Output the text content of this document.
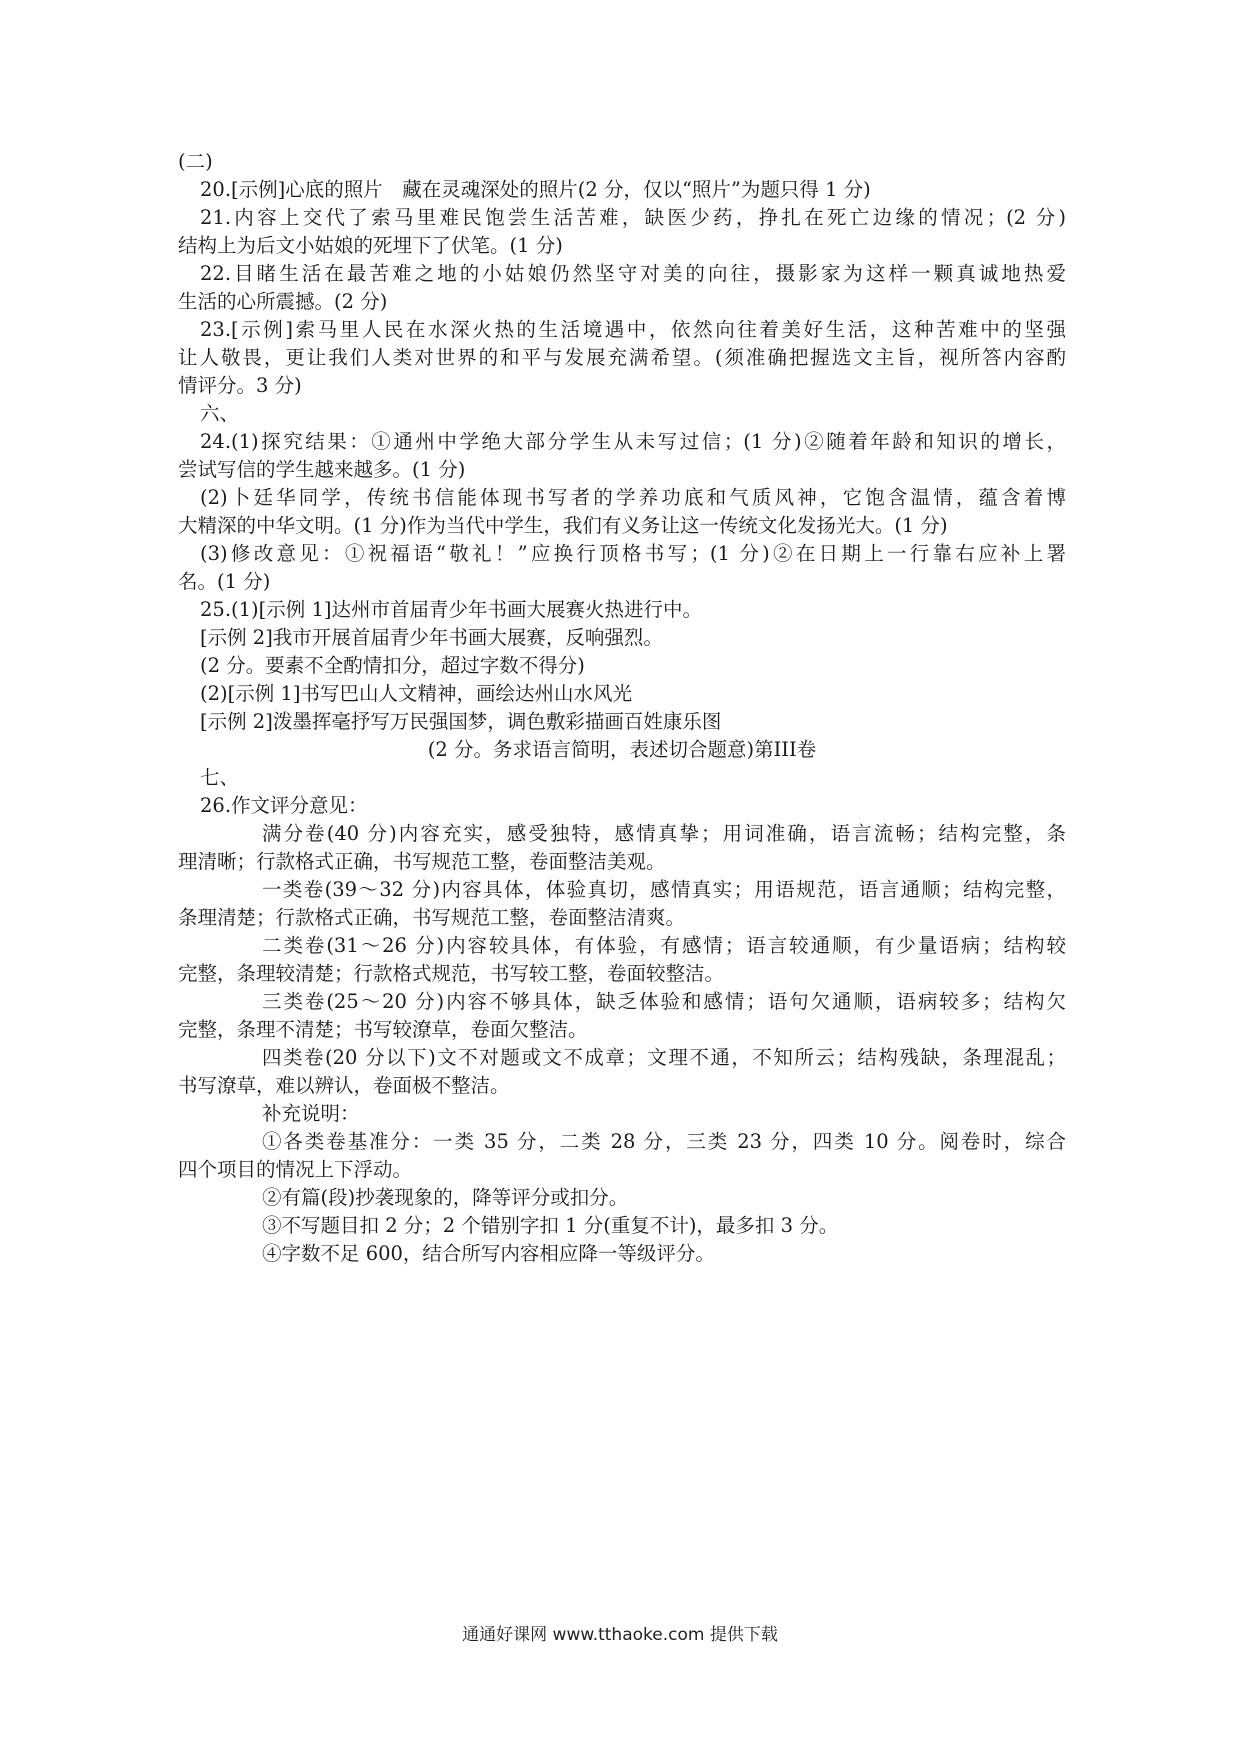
(二)
20.[示例]心底的照片　藏在灵魂深处的照片(2 分，仅以“照片”为题只得 1 分)
21.内容上交代了索马里难民饱尝生活苦难，缺医少药，挣扎在死亡边缘的情况；(2 分)
结构上为后文小姑娘的死埋下了伏笔。(1 分)
22.目睹生活在最苦难之地的小姑娘仍然坚守对美的向往，摄影家为这样一颗真诚地热爱
生活的心所震撼。(2 分)
23.[示例]索马里人民在水深火热的生活境遇中，依然向往着美好生活，这种苦难中的坚强
让人敬畏，更让我们人类对世界的和平与发展充满希望。(须准确把握选文主旨，视所答内容酌
情评分。3 分)
六、
24.(1)探究结果：①通州中学绝大部分学生从未写过信；(1 分)②随着年龄和知识的增长，
尝试写信的学生越来越多。(1 分)
(2)卜廷华同学，传统书信能体现书写者的学养功底和气质风神，它饱含温情，蕴含着博
大精深的中华文明。(1 分)作为当代中学生，我们有义务让这一传统文化发扬光大。(1 分)
(3)修改意见：①祝福语“敬礼！”应换行顶格书写；(1 分)②在日期上一行靠右应补上署
名。(1 分)
25.(1)[示例 1]达州市首届青少年书画大展赛火热进行中。
[示例 2]我市开展首届青少年书画大展赛，反响强烈。
(2 分。要素不全酌情扣分，超过字数不得分)
(2)[示例 1]书写巴山人文精神，画绘达州山水风光
[示例 2]泼墨挥毫抒写万民强国梦，调色敷彩描画百姓康乐图
(2 分。务求语言简明，表述切合题意)第III卷
七、
26.作文评分意见：
满分卷(40 分)内容充实，感受独特，感情真挚；用词准确，语言流畅；结构完整，条
理清晰；行款格式正确，书写规范工整，卷面整洁美观。
一类卷(39～32 分)内容具体，体验真切，感情真实；用语规范，语言通顺；结构完整，
条理清楚；行款格式正确，书写规范工整，卷面整洁清爽。
二类卷(31～26 分)内容较具体，有体验，有感情；语言较通顺，有少量语病；结构较
完整，条理较清楚；行款格式规范，书写较工整，卷面较整洁。
三类卷(25～20 分)内容不够具体，缺乏体验和感情；语句欠通顺，语病较多；结构欠
完整，条理不清楚；书写较潦草，卷面欠整洁。
四类卷(20 分以下)文不对题或文不成章；文理不通，不知所云；结构残缺，条理混乱；
书写潦草，难以辨认，卷面极不整洁。
补充说明：
①各类卷基准分：一类 35 分，二类 28 分，三类 23 分，四类 10 分。阅卷时，综合
四个项目的情况上下浮动。
②有篇(段)抄袭现象的，降等评分或扣分。
③不写题目扣 2 分；2 个错别字扣 1 分(重复不计)，最多扣 3 分。
④字数不足 600，结合所写内容相应降一等级评分。
通通好课网 www.tthaoke.com 提供下载
